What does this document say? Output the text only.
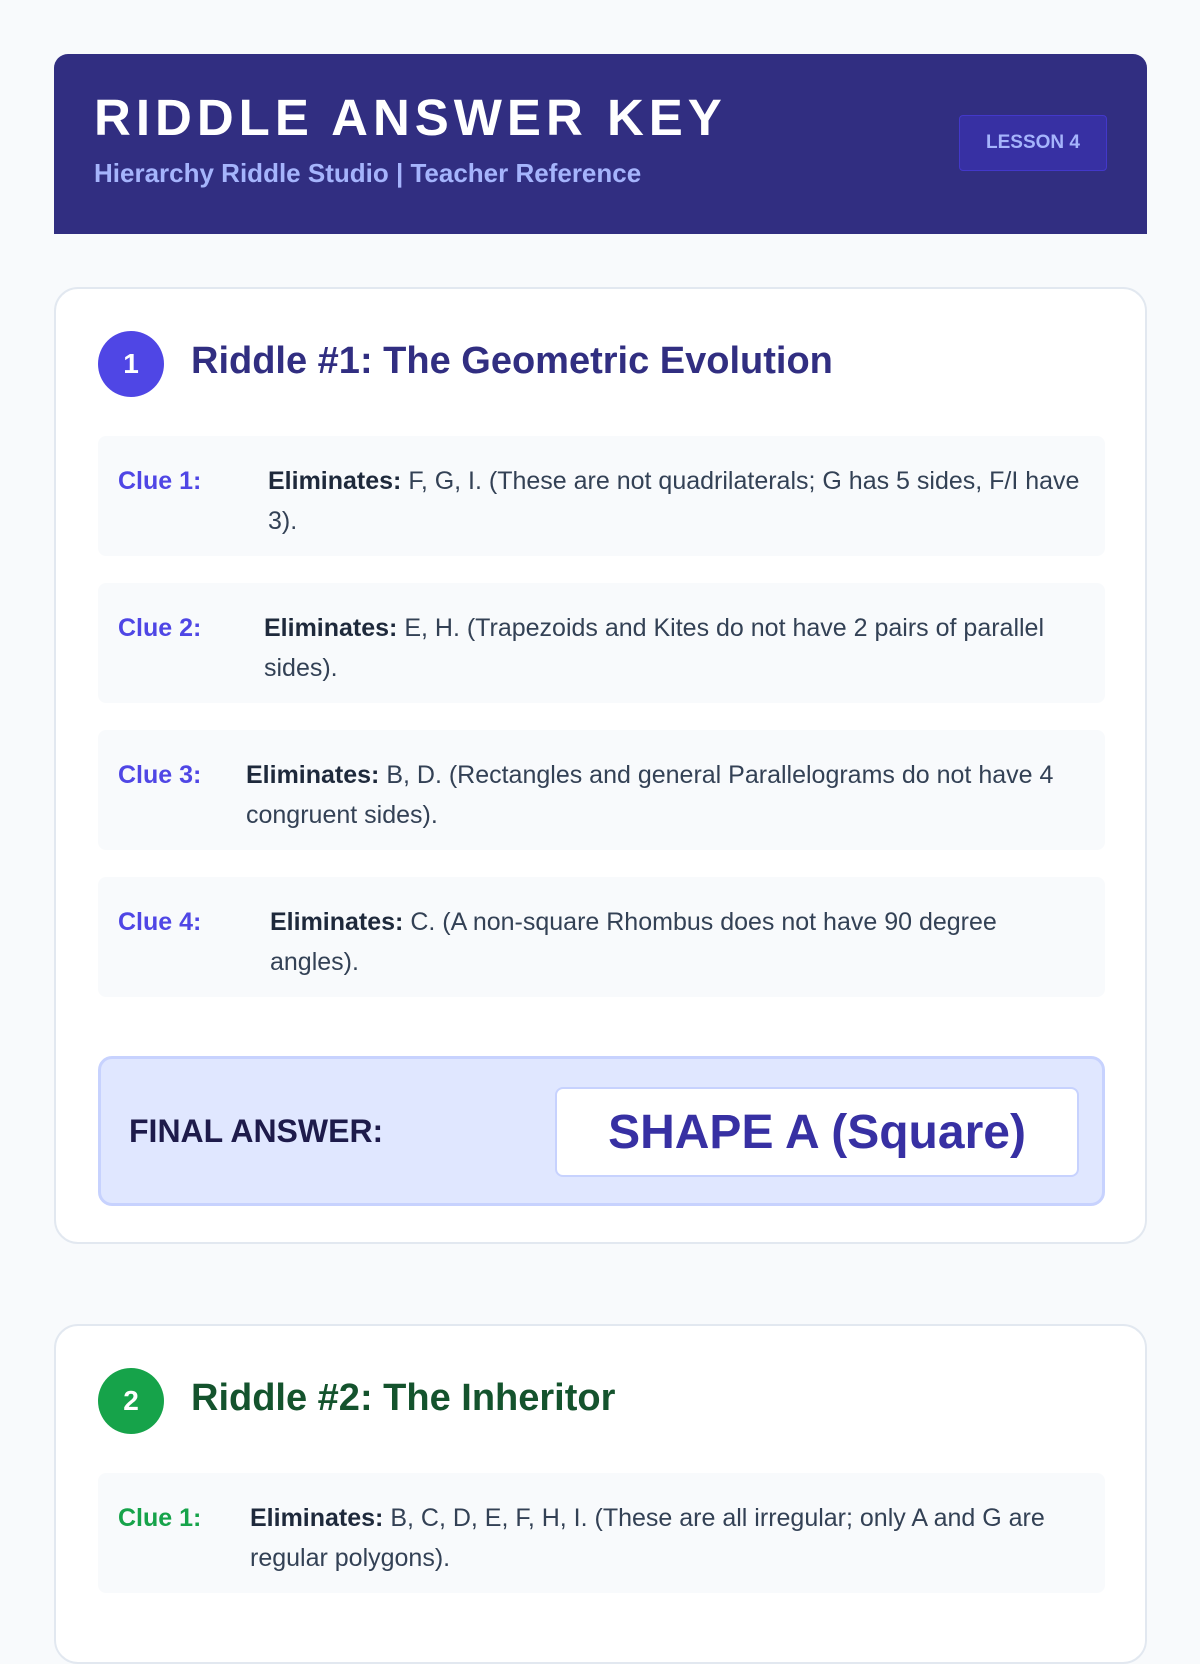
RIDDLE ANSWER KEY

Hierarchy Riddle Studio | Teacher Reference

LESSON 4
1	Riddle #1: The Geometric Evolution
Clue 1:	Eliminates: F, G, I. (These are not quadrilaterals; G has 5 sides, F/I have 3).
Clue 2:	Eliminates: E, H. (Trapezoids and Kites do not have 2 pairs of parallel sides).
Clue 3: Eliminates: B, D. (Rectangles and general Parallelograms do not have 4 congruent sides).
Clue 4:	Eliminates: C. (A non-square Rhombus does not have 90 degree angles).
FINAL ANSWER:	SHAPE A (Square)
2	Riddle #2: The Inheritor
Clue 1: Eliminates: B, C, D, E, F, H, I. (These are all irregular; only A and G are regular polygons).
